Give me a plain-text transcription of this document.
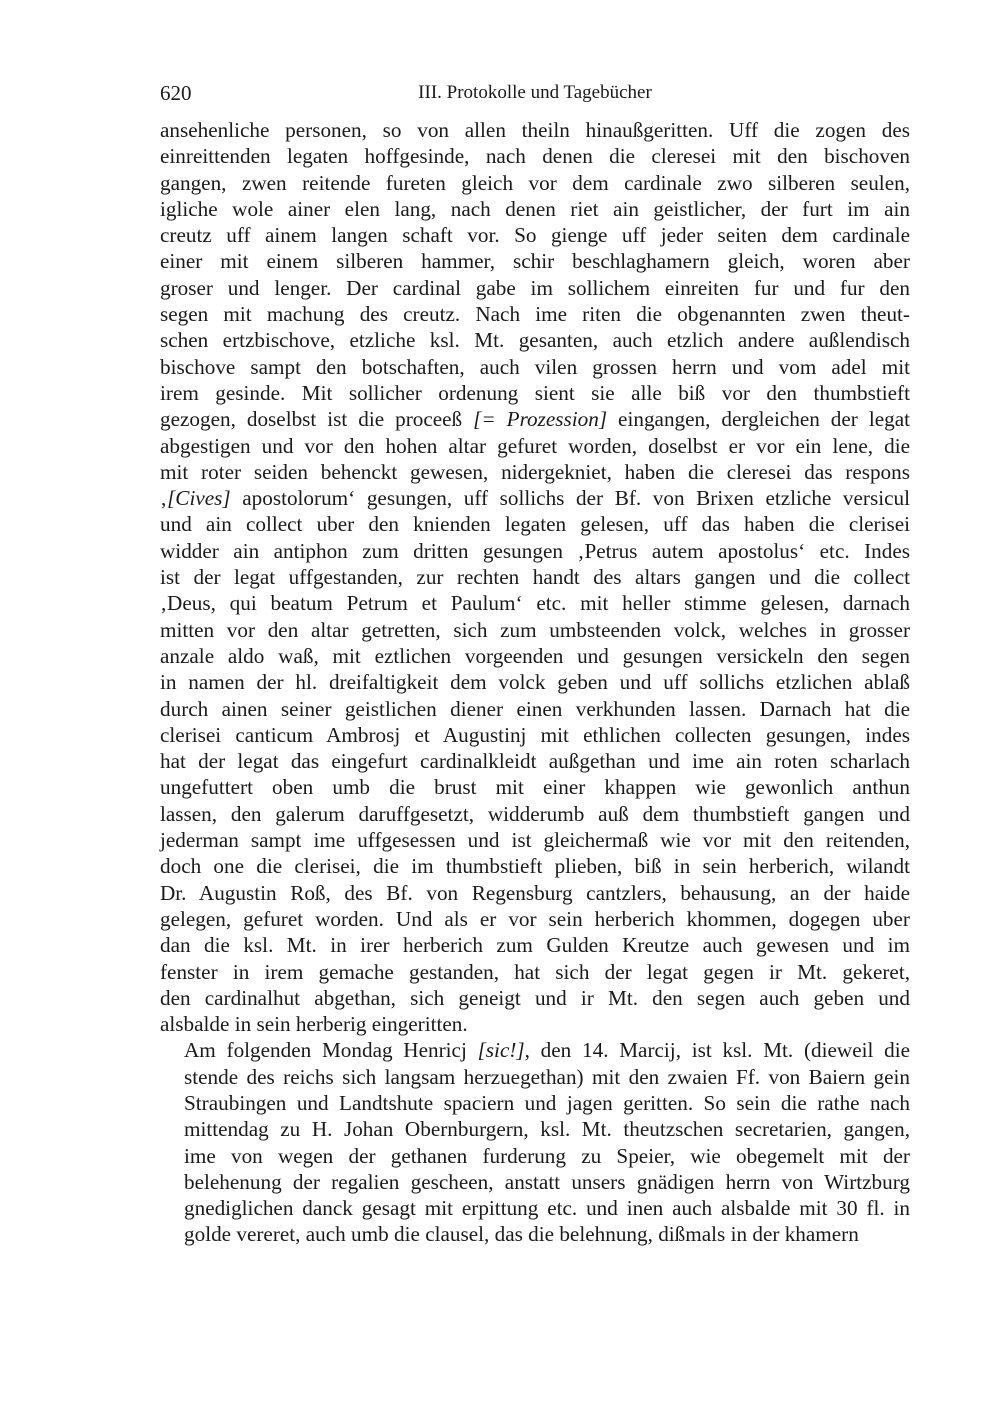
620	III. Protokolle und Tagebücher
ansehenliche personen, so von allen theiln hinaußgeritten. Uff die zogen des
einreittenden legaten hoffgesinde, nach denen die cleresei mit den bischoven
gangen, zwen reitende fureten gleich vor dem cardinale zwo silberen seulen,
igliche wole ainer elen lang, nach denen riet ain geistlicher, der furt im ain
creutz uff ainem langen schaft vor. So gienge uff jeder seiten dem cardinale
einer mit einem silberen hammer, schir beschlaghamern gleich, woren aber
groser und lenger. Der cardinal gabe im sollichem einreiten fur und fur den
segen mit machung des creutz. Nach ime riten die obgenannten zwen theut-
schen ertzbischove, etzliche ksl. Mt. gesanten, auch etzlich andere außlendisch
bischove sampt den botschaften, auch vilen grossen herrn und vom adel mit
irem gesinde. Mit sollicher ordenung sient sie alle biß vor den thumbstieft
gezogen, doselbst ist die proceeß [= Prozession] eingangen, dergleichen der legat
abgestigen und vor den hohen altar gefuret worden, doselbst er vor ein lene, die
mit roter seiden behenckt gewesen, nidergekniet, haben die cleresei das respons
‚[Cives] apostolorum‘ gesungen, uff sollichs der Bf. von Brixen etzliche versicul
und ain collect uber den knienden legaten gelesen, uff das haben die clerisei
widder ain antiphon zum dritten gesungen ‚Petrus autem apostolus‘ etc. Indes
ist der legat uffgestanden, zur rechten handt des altars gangen und die collect
‚Deus, qui beatum Petrum et Paulum‘ etc. mit heller stimme gelesen, darnach
mitten vor den altar getretten, sich zum umbsteenden volck, welches in grosser
anzale aldo waß, mit eztlichen vorgeenden und gesungen versickeln den segen
in namen der hl. dreifaltigkeit dem volck geben und uff sollichs etzlichen ablaß
durch ainen seiner geistlichen diener einen verkhunden lassen. Darnach hat die
clerisei canticum Ambrosj et Augustinj mit ethlichen collecten gesungen, indes
hat der legat das eingefurt cardinalkleidt außgethan und ime ain roten scharlach
ungefuttert oben umb die brust mit einer khappen wie gewonlich anthun
lassen, den galerum daruffgesetzt, widderumb auß dem thumbstieft gangen und
jederman sampt ime uffgesessen und ist gleichermaß wie vor mit den reitenden,
doch one die clerisei, die im thumbstieft plieben, biß in sein herberich, wilandt
Dr. Augustin Roß, des Bf. von Regensburg cantzlers, behausung, an der haide
gelegen, gefuret worden. Und als er vor sein herberich khommen, dogegen uber
dan die ksl. Mt. in irer herberich zum Gulden Kreutze auch gewesen und im
fenster in irem gemache gestanden, hat sich der legat gegen ir Mt. gekeret,
den cardinalhut abgethan, sich geneigt und ir Mt. den segen auch geben und
alsbalde in sein herberig eingeritten.
Am folgenden Mondag Henricj [sic!], den 14. Marcij, ist ksl. Mt. (dieweil die
stende des reichs sich langsam herzuegethan) mit den zwaien Ff. von Baiern gein
Straubingen und Landtshute spaciern und jagen geritten. So sein die rathe nach
mittendag zu H. Johan Obernburgern, ksl. Mt. theutzschen secretarien, gangen,
ime von wegen der gethanen furderung zu Speier, wie obegemelt mit der
belehenung der regalien gescheen, anstatt unsers gnädigen herrn von Wirtzburg
gnediglichen danck gesagt mit erpittung etc. und inen auch alsbalde mit 30 fl. in
golde vereret, auch umb die clausel, das die belehnung, dißmals in der khamern
